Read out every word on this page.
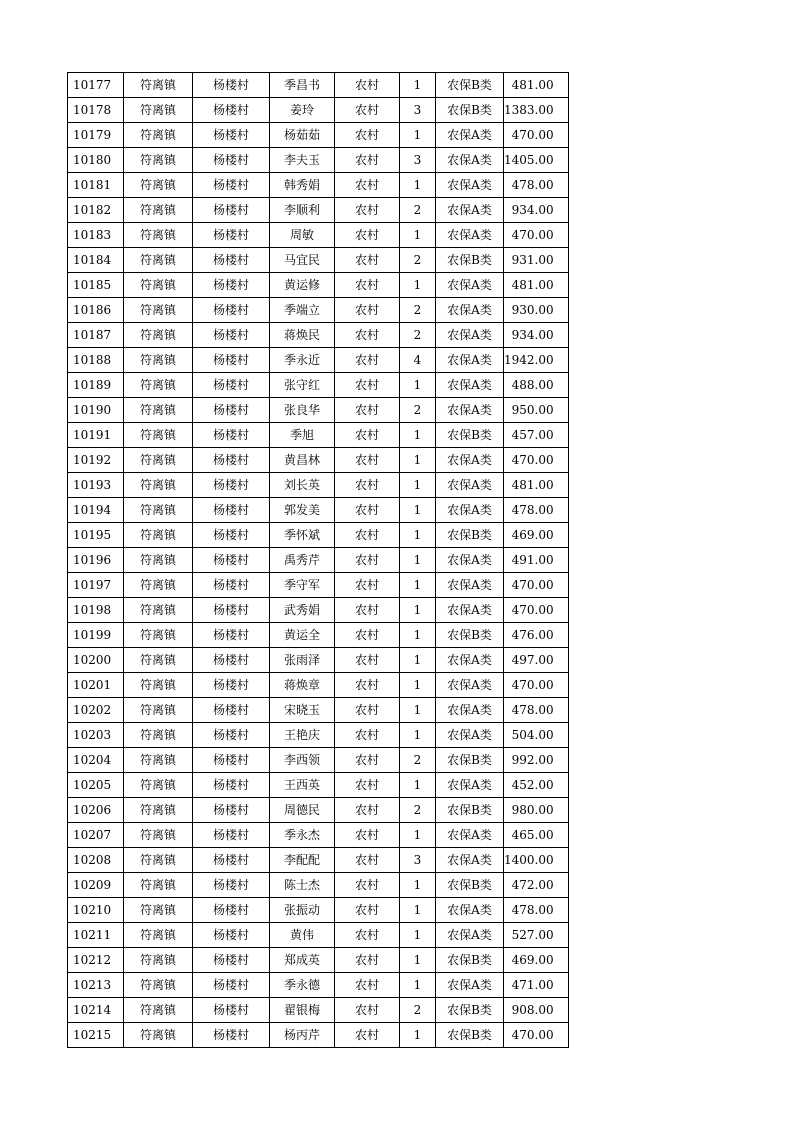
10177	符离镇	杨楼村	季昌书	农村	1	农保B类	481.00
10178	符离镇	杨楼村	姜玲	农村	3	农保B类	1383.00
10179	符离镇	杨楼村	杨茹茹	农村	1	农保A类	470.00
10180	符离镇	杨楼村	李夫玉	农村	3	农保A类	1405.00
10181	符离镇	杨楼村	韩秀娟	农村	1	农保A类	478.00
10182	符离镇	杨楼村	李顺利	农村	2	农保A类	934.00
10183	符离镇	杨楼村	周敏	农村	1	农保A类	470.00
10184	符离镇	杨楼村	马宜民	农村	2	农保B类	931.00
10185	符离镇	杨楼村	黄运修	农村	1	农保A类	481.00
10186	符离镇	杨楼村	季端立	农村	2	农保A类	930.00
10187	符离镇	杨楼村	蒋焕民	农村	2	农保A类	934.00
10188	符离镇	杨楼村	季永近	农村	4	农保A类	1942.00
10189	符离镇	杨楼村	张守红	农村	1	农保A类	488.00
10190	符离镇	杨楼村	张良华	农村	2	农保A类	950.00
10191	符离镇	杨楼村	季旭	农村	1	农保B类	457.00
10192	符离镇	杨楼村	黄昌林	农村	1	农保A类	470.00
10193	符离镇	杨楼村	刘长英	农村	1	农保A类	481.00
10194	符离镇	杨楼村	郭发美	农村	1	农保A类	478.00
10195	符离镇	杨楼村	季怀斌	农村	1	农保B类	469.00
10196	符离镇	杨楼村	禹秀芹	农村	1	农保A类	491.00
10197	符离镇	杨楼村	季守军	农村	1	农保A类	470.00
10198	符离镇	杨楼村	武秀娟	农村	1	农保A类	470.00
10199	符离镇	杨楼村	黄运全	农村	1	农保B类	476.00
10200	符离镇	杨楼村	张雨泽	农村	1	农保A类	497.00
10201	符离镇	杨楼村	蒋焕章	农村	1	农保A类	470.00
10202	符离镇	杨楼村	宋晓玉	农村	1	农保A类	478.00
10203	符离镇	杨楼村	王艳庆	农村	1	农保A类	504.00
10204	符离镇	杨楼村	李西领	农村	2	农保B类	992.00
10205	符离镇	杨楼村	王西英	农村	1	农保A类	452.00
10206	符离镇	杨楼村	周德民	农村	2	农保B类	980.00
10207	符离镇	杨楼村	季永杰	农村	1	农保A类	465.00
10208	符离镇	杨楼村	李配配	农村	3	农保A类	1400.00
10209	符离镇	杨楼村	陈士杰	农村	1	农保B类	472.00
10210	符离镇	杨楼村	张振动	农村	1	农保A类	478.00
10211	符离镇	杨楼村	黄伟	农村	1	农保A类	527.00
10212	符离镇	杨楼村	郑成英	农村	1	农保B类	469.00
10213	符离镇	杨楼村	季永德	农村	1	农保A类	471.00
10214	符离镇	杨楼村	翟银梅	农村	2	农保B类	908.00
10215	符离镇	杨楼村	杨丙芹	农村	1	农保B类	470.00
